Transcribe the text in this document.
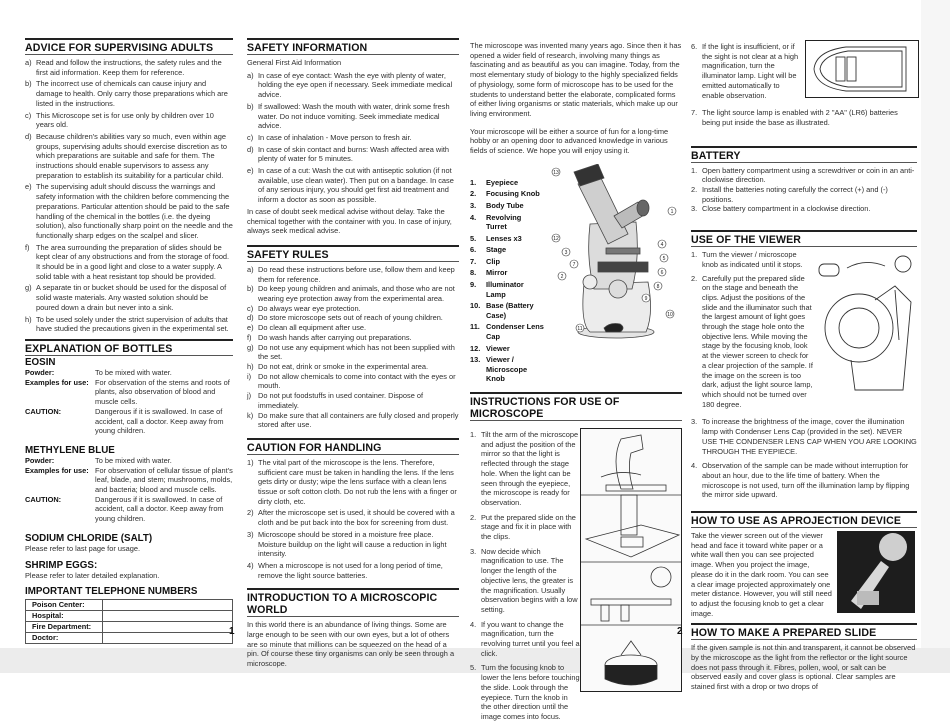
ADVICE FOR SUPERVISING ADULTS
a) Read and follow the instructions, the safety rules and the first aid information. Keep them for reference.
b) The incorrect use of chemicals can cause injury and damage to health. Only carry those preparations which are listed in the instructions.
c) This Microscope set is for use only by children over 10 years old.
d) Because children's abilities vary so much, even within age groups, supervising adults should exercise discretion as to which preparations are suitable and safe for them. The instructions should enable supervisors to assess any preparation to establish its suitability for a particular child.
e) The supervising adult should discuss the warnings and safety information with the children before commencing the preparations. Particular attention should be paid to the safe handling of the chemical in the bottles (i.e. the dyeing solution), also functionally sharp point on the needle and the functionally sharp edges on the scalpel and slicer.
f) The area surrounding the preparation of slides should be kept clear of any obstructions and from the storage of food. It should be in a good light and close to a water supply. A solid table with a heat resistant top should be provided.
g) A separate tin or bucket should be used for the disposal of solid waste materials. Any wasted solution should be poured down a drain but never into a sink.
h) To be used solely under the strict supervision of adults that have studied the precautions given in the experimental set.
EXPLANATION OF BOTTLES
EOSIN
Powder:	To be mixed with water.
Examples for use: For observation of the stems and roots of plants, also observation of blood and muscle cells.
CAUTION:	Dangerous if it is swallowed. In case of accident, call a doctor. Keep away from young children.
METHYLENE BLUE
Powder:	To be mixed with water.
Examples for use: For observation of cellular tissue of plant's leaf, blade, and stem; mushrooms, molds, and bacteria; blood and muscle cells.
CAUTION:	Dangerous if it is swallowed. In case of accident, call a doctor. Keep away from young children.
SODIUM CHLORIDE (SALT)
Please refer to last page for usage.
SHRIMP EGGS:
Please refer to later detailed explanation.
IMPORTANT TELEPHONE NUMBERS
Poison Center:	
Hospital:	
Fire Department:	
Doctor:	
1
SAFETY INFORMATION
General First Aid Information
a) In case of eye contact: Wash the eye with plenty of water, holding the eye open if necessary. Seek immediate medical advice.
b) If swallowed: Wash the mouth with water, drink some fresh water. Do not induce vomiting. Seek immediate medical advice.
c) In case of inhalation - Move person to fresh air.
d) In case of skin contact and burns: Wash affected area with plenty of water for 5 minutes.
e) In case of a cut: Wash the cut with antiseptic solution (if not available, use clean water). Then put on a bandage. In case of any serious injury, you should get first aid treatment and inform a doctor as soon as possible.
In case of doubt seek medical advise without delay. Take the chemical together with the container with you. In case of injury, always seek medical advise.
SAFETY RULES
a) Do read these instructions before use, follow them and keep them for reference.
b) Do keep young children and animals, and those who are not wearing eye protection away from the experimental area.
c) Do always wear eye protection.
d) Do store microscope sets out of reach of young children.
e) Do clean all equipment after use.
f) Do wash hands after carrying out preparations.
g) Do not use any equipment which has not been supplied with the set.
h) Do not eat, drink or smoke in the experimental area.
i) Do not allow chemicals to come into contact with the eyes or mouth.
j) Do not put foodstuffs in used container. Dispose of immediately.
k) Do make sure that all containers are fully closed and properly stored after use.
CAUTION FOR HANDLING
1) The vital part of the microscope is the lens. Therefore, sufficient care must be taken in handling the lens. If the lens gets dirty or dusty; wipe the lens surface with a clean lens tissue or soft cotton cloth. Do not rub the lens with a finger or dirty cloth, etc.
2) After the microscope set is used, it should be covered with a cloth and be put back into the box for screening from dust.
3) Microscope should be stored in a moisture free place. Moisture buildup on the light will cause a reduction in light intensity.
4) When a microscope is not used for a long period of time, remove the light source batteries.
INTRODUCTION TO A MICROSCOPIC WORLD
In this world there is an abundance of living things. Some are large enough to be seen with our own eyes, but a lot of others are so minute that millions can be squeezed on the head of a pin. Of course these tiny organisms can only be seen through a microscope.
The microscope was invented many years ago. Since then it has opened a wider field of research, involving many things as fascinating and as beautiful as you can imagine. Today, from the most elementary study of biology to the highly specialized fields of physiology, some form of microscope has to be used for the students to understand better the elaborate, complicated forms of either living organisms or static materials, which make up our living environment.
Your microscope will be either a source of fun for a long-time hobby or an opening door to advanced knowledge in various fields of science. We hope you will enjoy using it.
1.	Eyepiece
2.	Focusing Knob
3.	Body Tube
4.	Revolving Turret
5.	Lenses x3
6.	Stage
7.	Clip
8.	Mirror
9.	Illuminator Lamp
10. Base (Battery Case)
11. Condenser Lens Cap
12. Viewer
13. Viewer / Microscope Knob
13
1
12
4
3
5
7
6
2
8
9
10
11
INSTRUCTIONS FOR USE OF MICROSCOPE
1. Tilt the arm of the microscope and adjust the position of the mirror so that the light is reflected through the stage hole. When the light can be seen through the eyepiece, the microscope is ready for observation.
2. Put the prepared slide on the stage and fix it in place with the clips.
3. Now decide which magnification to use. The longer the length of the objective lens, the greater is the magnification. Usually observation begins with a low setting.
4. If you want to change the magnification, turn the revolving turret until you feel a click.
5. Turn the focusing knob to lower the lens before touching the slide. Look through the eyepiece. Turn the knob in the other direction until the image comes into focus.
2
6. If the light is insufficient, or if the sight is not clear at a high magnification, turn the illuminator lamp. Light will be emitted automatically to enable observation.
7. The light source lamp is enabled with 2 "AA" (LR6) batteries being put inside the base as illustrated.
BATTERY
1. Open battery compartment using a screwdriver or coin in an anti-clockwise direction.
2. Install the batteries noting carefully the correct (+) and (-) positions.
3. Close battery compartment in a clockwise direction.
USE OF THE VIEWER
1. Turn the viewer / microscope knob as indicated until it stops.
2. Carefully put the prepared slide on the stage and beneath the clips. Adjust the positions of the slide and the illuminator such that the largest amount of light goes through the stage hole onto the objective lens. While moving the stage by the focusing knob, look at the viewer screen to check for a clear projection of the sample. If the image on the screen is too dark, adjust the light source lamp, which should not be turned over 180 degree.
3. To increase the brightness of the image, cover the illumination lamp with Condenser Lens Cap (provided in the set). NEVER USE THE CONDENSER LENS CAP WHEN YOU ARE LOOKING THROUGH THE EYEPIECE.
4. Observation of the sample can be made without interruption for about an hour, due to the life time of battery. When the microscope is not used, turn off the illumination lamp by flipping the mirror side upward.
HOW TO USE AS APROJECTION DEVICE
Take the viewer screen out of the viewer head and face it toward white paper or a white wall then you can see projected image. When you project the image, please do it in the dark room. You can see a clear image projected approximately one meter distance. However, you will still need to adjust the focusing knob to get a clear image.
HOW TO MAKE A PREPARED SLIDE
If the given sample is not thin and transparent, it cannot be observed by the microscope as the light from the reflector or the light source does not pass through it. Fibres, pollen, wool, or salt can be observed easily and cover glass is optional. Clear samples are stained first with a drop or two drops of
